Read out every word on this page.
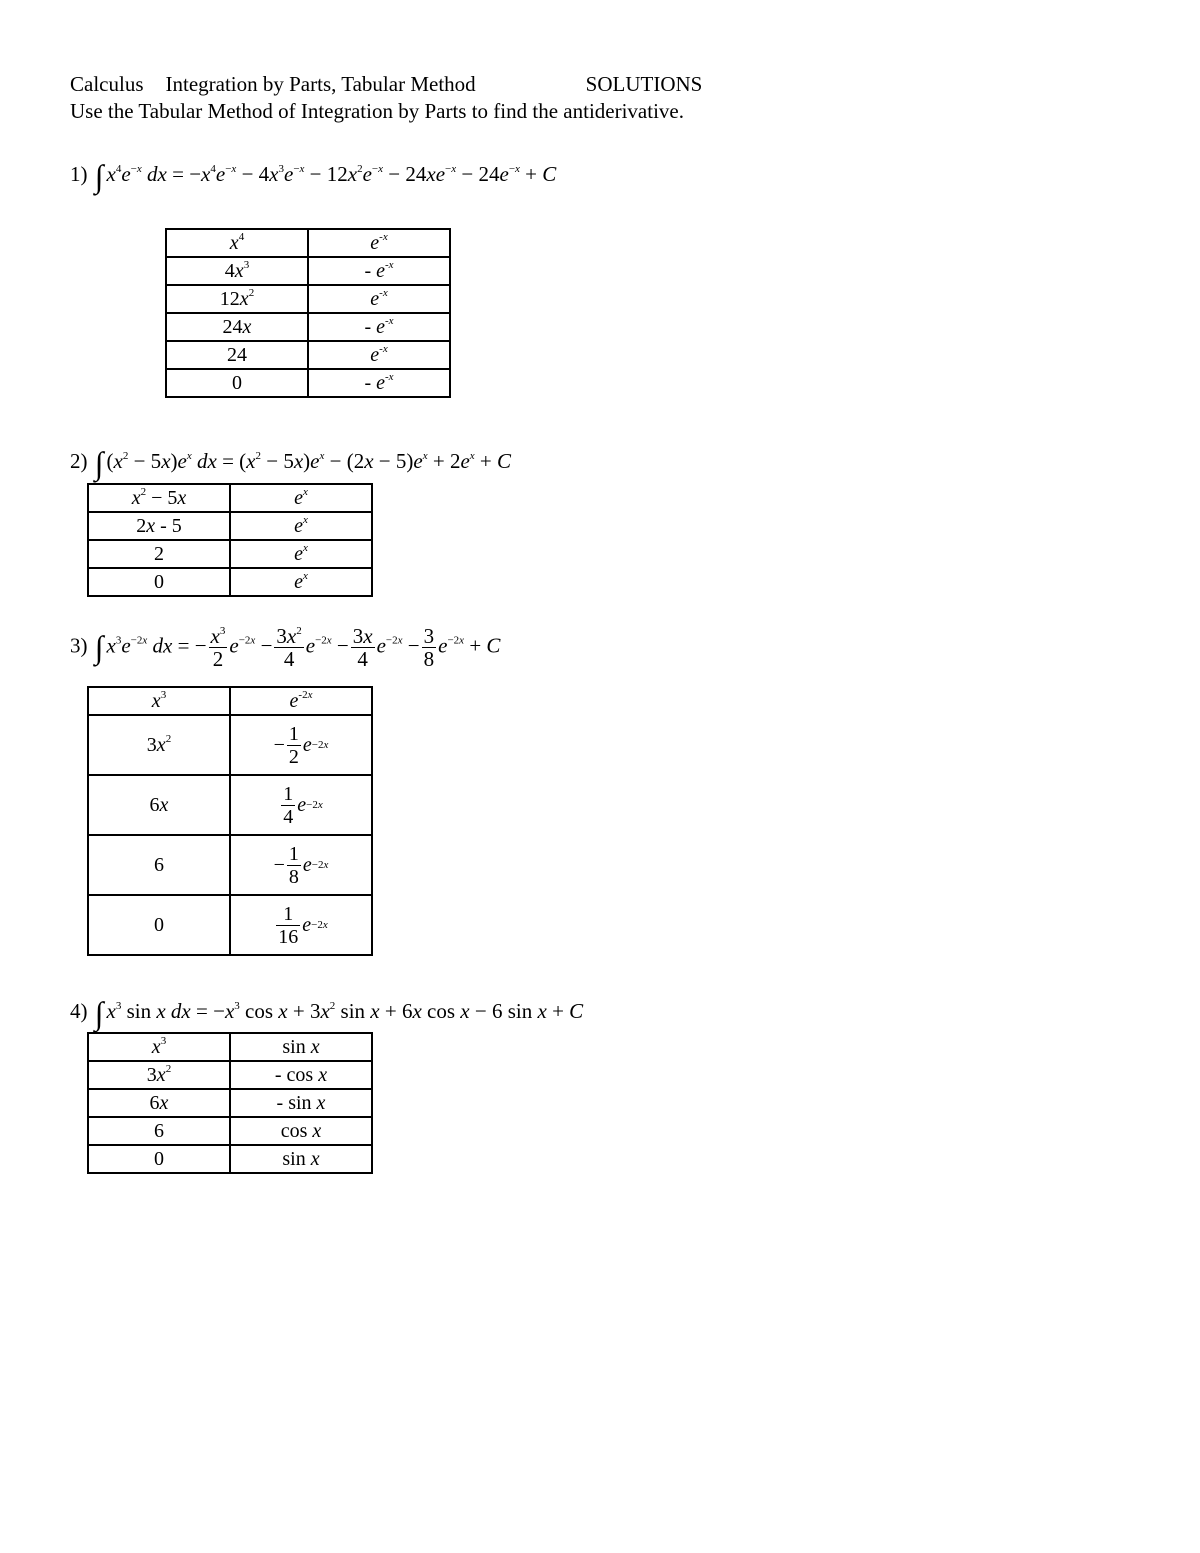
Calculus Integration by Parts, Tabular Method	SOLUTIONS
Use the Tabular Method of Integration by Parts to find the antiderivative.
1) ∫ $x^4e^{-x}$ dx = $-x^4e^{-x} - 4x^3e^{-x} - 12x^2e^{-x} - 24xe^{-x} - 24e^{-x} + C$
$x^4$	$e^{-x}$
$4x^3$	- $e^{-x}$
$12x^2$	$e^{-x}$
24x	- $e^{-x}$
24	$e^{-x}$
0	- $e^{-x}$
2) ∫ $(x^2 - 5x)e^x$ dx = $(x^2 - 5x)e^x - (2x - 5)e^x + 2e^x + C$
$x^2 - 5x$	$e^x$
2x - 5	$e^x$
2	$e^x$
0	$e^x$
3) ∫ $x^3e^{-2x}$ dx = − $\frac{x^3}{2} e^{-2x} - \frac{3x^2}{4} e^{-2x} - \frac{3x}{4} e^{-2x} - \frac{3}{8} e^{-2x} + C$
$x^3$	$e^{-2x}$
$3x^2$	− $\frac{1}{2}$ e −2x

6x	$\frac{1}{4}$ e −2x

6	− $\frac{1}{8}$ e −2x

0	$\frac{1}{16}$ e −2x
4) ∫ $x^3$ sin x dx = $-x^3$ $\cos x + 3x^2$ sin x + 6x cos x − 6 sin x + C
$x^3$	sin x
$3x^2$	- cos x
6x	- sin x
6	cos x
0	sin x
